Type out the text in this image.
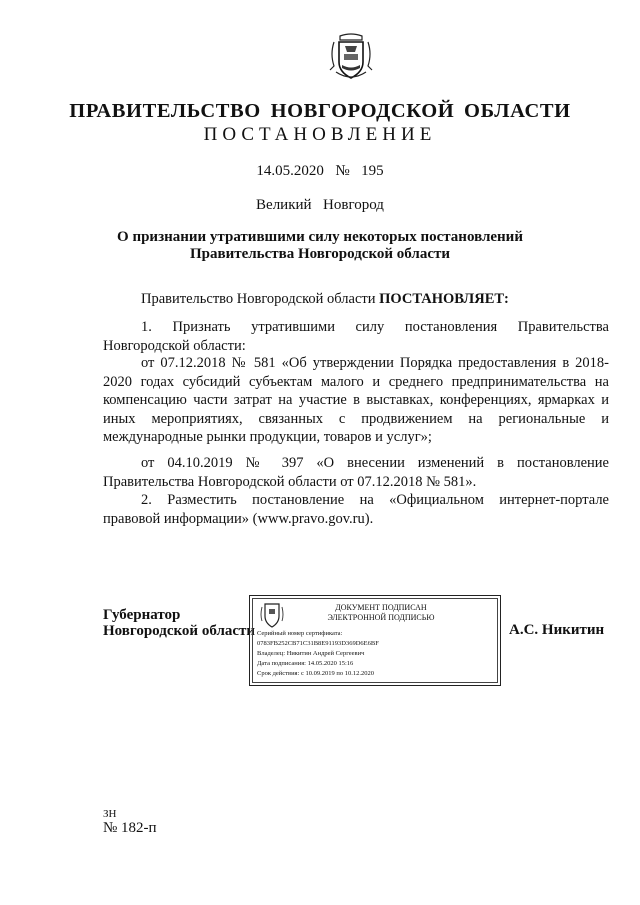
ПРАВИТЕЛЬСТВО НОВГОРОДСКОЙ ОБЛАСТИ
ПОСТАНОВЛЕНИЕ
14.05.2020  №  195
Великий  Новгород
О признании утратившими силу некоторых постановлений
Правительства Новгородской области
Правительство Новгородской области ПОСТАНОВЛЯЕТ:
1. Признать утратившими силу постановления Правительства Новгородской области:
от 07.12.2018 № 581 «Об утверждении Порядка предоставления в 2018-2020 годах субсидий субъектам малого и среднего предпринимательства на компенсацию части затрат на участие в выставках, конференциях, ярмарках и иных мероприятиях, связанных с продвижением на региональные и международные рынки продукции, товаров и услуг»;
от 04.10.2019 № 397 «О внесении изменений в постановление Правительства Новгородской области от 07.12.2018 № 581».
2. Разместить постановление на «Официальном интернет-портале правовой информации» (www.pravo.gov.ru).
Губернатор
Новгородской области
ДОКУМЕНТ ПОДПИСАН
ЭЛЕКТРОННОЙ ПОДПИСЬЮ
Серийный номер сертификата:
0783FB252CB71C31B8E91193D369D6E6BF
Владелец: Никитин Андрей Сергеевич
Дата подписания: 14.05.2020 15:16
Срок действия: с 10.09.2019 по 10.12.2020
А.С. Никитин
ЗН
№ 182-п
